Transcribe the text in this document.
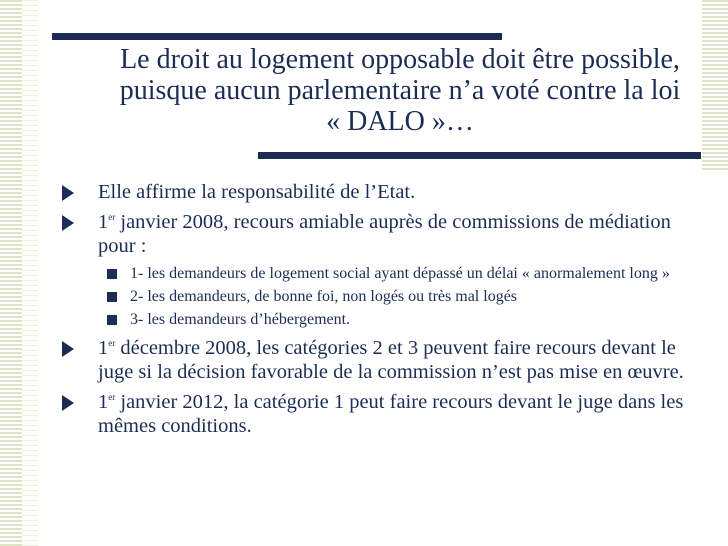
Le droit au logement opposable doit être possible, puisque aucun parlementaire n’a voté contre la loi « DALO »…
Elle affirme la responsabilité de l’Etat.
1er janvier 2008, recours amiable auprès de commissions de médiation pour :
1- les demandeurs de logement social ayant dépassé un délai « anormalement long »
2- les demandeurs, de bonne foi, non logés ou très mal logés
3- les demandeurs d’hébergement.
1er décembre 2008, les catégories 2 et 3 peuvent faire recours devant le juge si la décision favorable de la commission n’est pas mise en œuvre.
1er janvier 2012, la catégorie 1 peut faire recours devant le juge dans les mêmes conditions.
